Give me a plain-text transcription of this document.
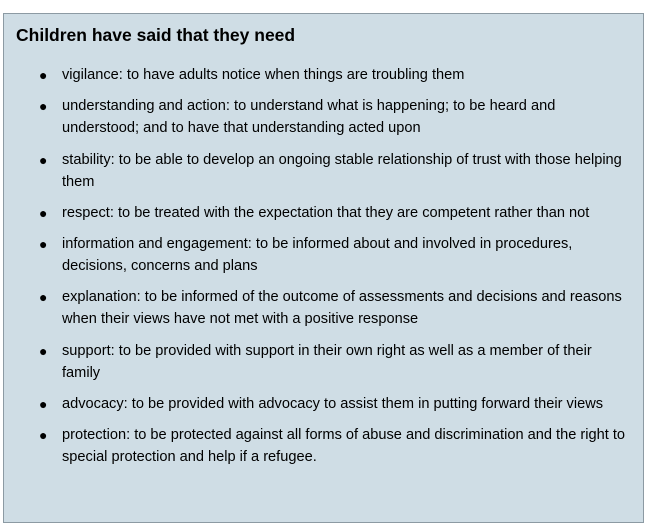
Children have said that they need
● vigilance: to have adults notice when things are troubling them
● understanding and action: to understand what is happening; to be heard and understood; and to have that understanding acted upon
● stability: to be able to develop an ongoing stable relationship of trust with those helping them
● respect: to be treated with the expectation that they are competent rather than not
● information and engagement: to be informed about and involved in procedures, decisions, concerns and plans
● explanation: to be informed of the outcome of assessments and decisions and reasons when their views have not met with a positive response
● support: to be provided with support in their own right as well as a member of their family
● advocacy: to be provided with advocacy to assist them in putting forward their views
● protection: to be protected against all forms of abuse and discrimination and the right to special protection and help if a refugee.
